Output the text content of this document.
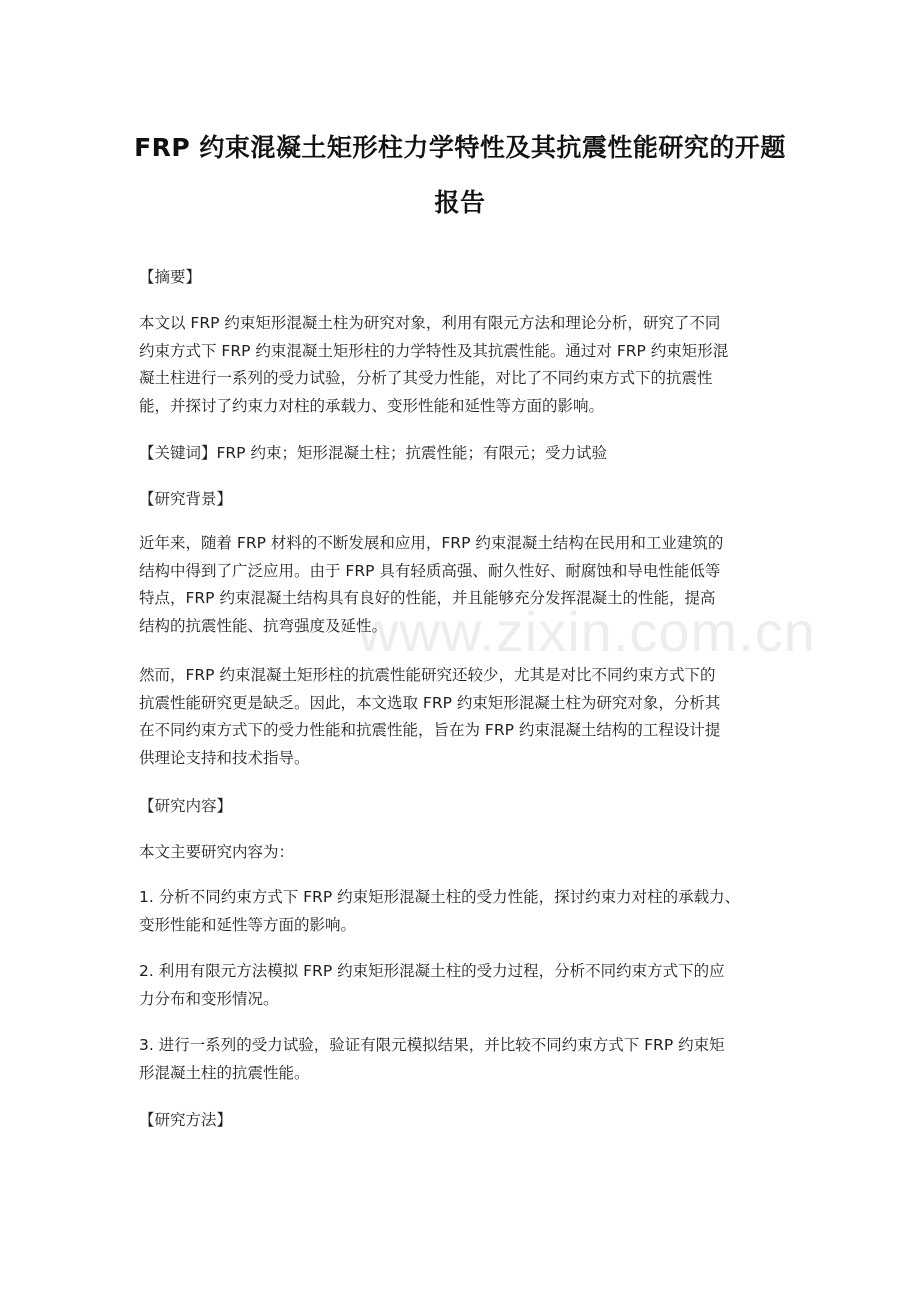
FRP 约束混凝土矩形柱力学特性及其抗震性能研究的开题
报告
www.zixin.com.cn
【摘要】

本文以 FRP 约束矩形混凝土柱为研究对象，利用有限元方法和理论分析，研究了不同

约束方式下 FRP 约束混凝土矩形柱的力学特性及其抗震性能。通过对 FRP 约束矩形混

凝土柱进行一系列的受力试验，分析了其受力性能，对比了不同约束方式下的抗震性

能，并探讨了约束力对柱的承载力、变形性能和延性等方面的影响。

【关键词】FRP 约束；矩形混凝土柱；抗震性能；有限元；受力试验
【研究背景】

近年来，随着 FRP 材料的不断发展和应用，FRP 约束混凝土结构在民用和工业建筑的

结构中得到了广泛应用。由于 FRP 具有轻质高强、耐久性好、耐腐蚀和导电性能低等

特点，FRP 约束混凝土结构具有良好的性能，并且能够充分发挥混凝土的性能，提高

结构的抗震性能、抗弯强度及延性。

然而，FRP 约束混凝土矩形柱的抗震性能研究还较少，尤其是对比不同约束方式下的

抗震性能研究更是缺乏。因此，本文选取 FRP 约束矩形混凝土柱为研究对象，分析其

在不同约束方式下的受力性能和抗震性能，旨在为 FRP 约束混凝土结构的工程设计提

供理论支持和技术指导。

【研究内容】
本文主要研究内容为：

1. 分析不同约束方式下 FRP 约束矩形混凝土柱的受力性能，探讨约束力对柱的承载力、

变形性能和延性等方面的影响。

2. 利用有限元方法模拟 FRP 约束矩形混凝土柱的受力过程，分析不同约束方式下的应

力分布和变形情况。

3. 进行一系列的受力试验，验证有限元模拟结果，并比较不同约束方式下 FRP 约束矩

形混凝土柱的抗震性能。

【研究方法】
